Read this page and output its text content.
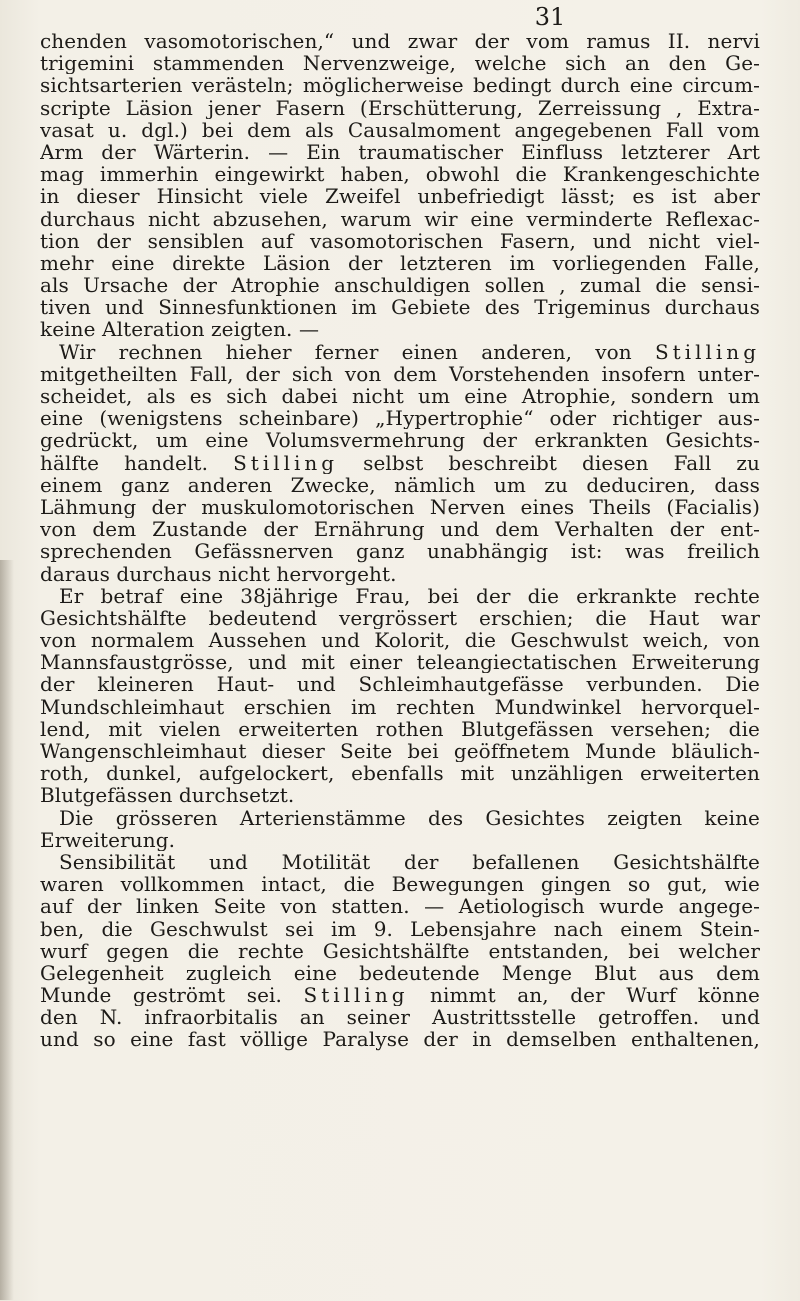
31
chenden vasomotorischen,“ und zwar der vom ramus II. nervi
trigemini stammenden Nervenzweige, welche sich an den Ge-
sichtsarterien verästeln; möglicherweise bedingt durch eine circum-
scripte Läsion jener Fasern (Erschütterung, Zerreissung , Extra-
vasat u. dgl.) bei dem als Causalmoment angegebenen Fall vom
Arm der Wärterin. — Ein traumatischer Einfluss letzterer Art
mag immerhin eingewirkt haben, obwohl die Krankengeschichte
in dieser Hinsicht viele Zweifel unbefriedigt lässt; es ist aber
durchaus nicht abzusehen, warum wir eine verminderte Reflexac-
tion der sensiblen auf vasomotorischen Fasern, und nicht viel-
mehr eine direkte Läsion der letzteren im vorliegenden Falle,
als Ursache der Atrophie anschuldigen sollen , zumal die sensi-
tiven und Sinnesfunktionen im Gebiete des Trigeminus durchaus
keine Alteration zeigten. —
Wir rechnen hieher ferner einen anderen, von Stilling
mitgetheilten Fall, der sich von dem Vorstehenden insofern unter-
scheidet, als es sich dabei nicht um eine Atrophie, sondern um
eine (wenigstens scheinbare) „Hypertrophie“ oder richtiger aus-
gedrückt, um eine Volumsvermehrung der erkrankten Gesichts-
hälfte handelt. Stilling selbst beschreibt diesen Fall zu
einem ganz anderen Zwecke, nämlich um zu deduciren, dass
Lähmung der muskulomotorischen Nerven eines Theils (Facialis)
von dem Zustande der Ernährung und dem Verhalten der ent-
sprechenden Gefässnerven ganz unabhängig ist: was freilich
daraus durchaus nicht hervorgeht.
Er betraf eine 38jährige Frau, bei der die erkrankte rechte
Gesichtshälfte bedeutend vergrössert erschien; die Haut war
von normalem Aussehen und Kolorit, die Geschwulst weich, von
Mannsfaustgrösse, und mit einer teleangiectatischen Erweiterung
der kleineren Haut- und Schleimhautgefässe verbunden. Die
Mundschleimhaut erschien im rechten Mundwinkel hervorquel-
lend, mit vielen erweiterten rothen Blutgefässen versehen; die
Wangenschleimhaut dieser Seite bei geöffnetem Munde bläulich-
roth, dunkel, aufgelockert, ebenfalls mit unzähligen erweiterten
Blutgefässen durchsetzt.
Die grösseren Arterienstämme des Gesichtes zeigten keine
Erweiterung.
Sensibilität und Motilität der befallenen Gesichtshälfte
waren vollkommen intact, die Bewegungen gingen so gut, wie
auf der linken Seite von statten. — Aetiologisch wurde angege-
ben, die Geschwulst sei im 9. Lebensjahre nach einem Stein-
wurf gegen die rechte Gesichtshälfte entstanden, bei welcher
Gelegenheit zugleich eine bedeutende Menge Blut aus dem
Munde geströmt sei. Stilling nimmt an, der Wurf könne
den N. infraorbitalis an seiner Austrittsstelle getroffen. und
und so eine fast völlige Paralyse der in demselben enthaltenen,
